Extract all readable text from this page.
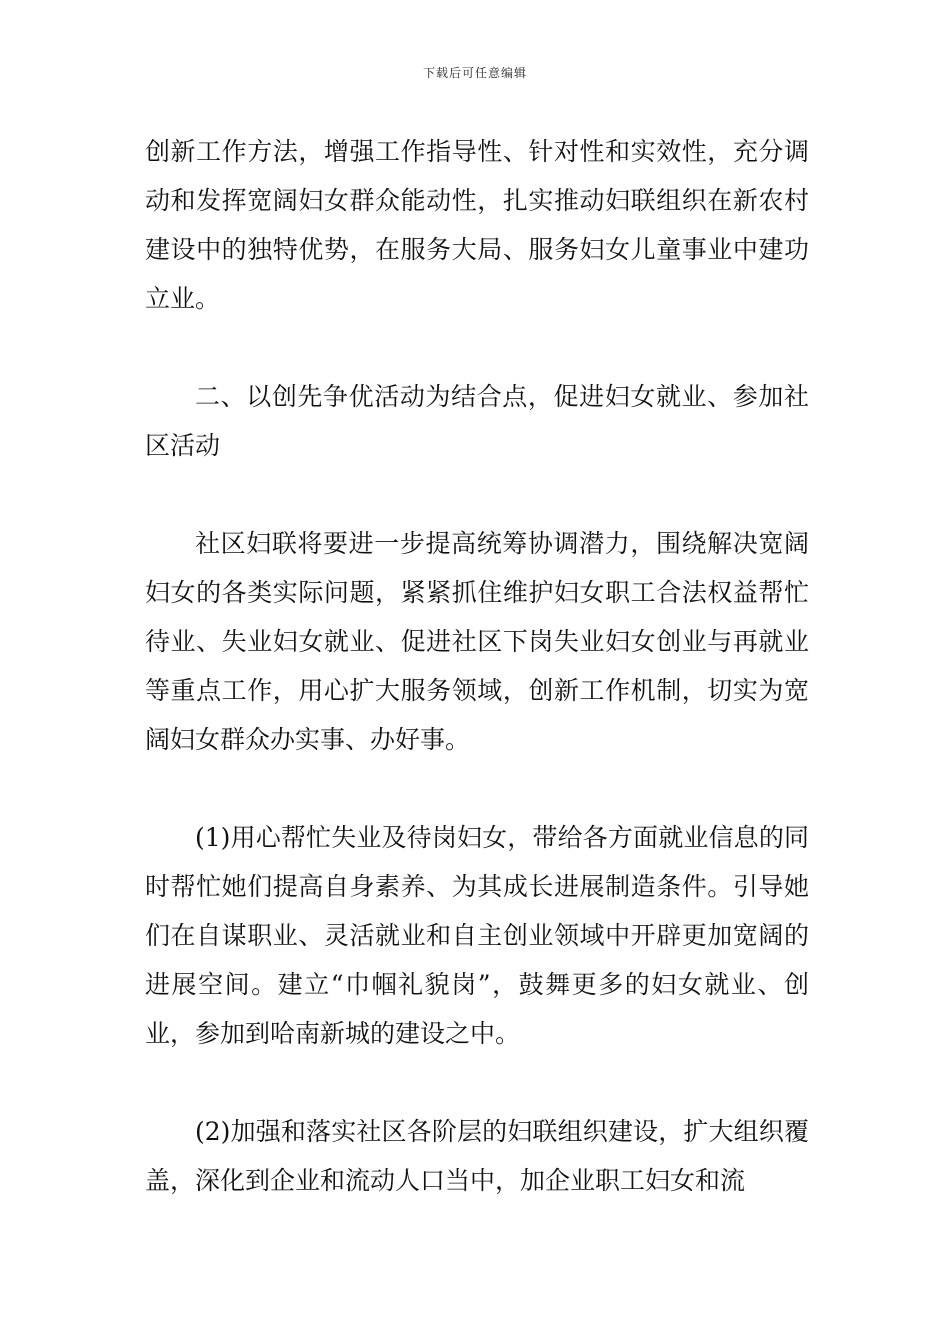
下载后可任意编辑

创新工作方法，增强工作指导性、针对性和实效性，充分调动和发挥宽阔妇女群众能动性，扎实推动妇联组织在新农村建设中的独特优势，在服务大局、服务妇女儿童事业中建功立业。

二、以创先争优活动为结合点，促进妇女就业、参加社区活动

社区妇联将要进一步提高统筹协调潜力，围绕解决宽阔妇女的各类实际问题，紧紧抓住维护妇女职工合法权益帮忙待业、失业妇女就业、促进社区下岗失业妇女创业与再就业等重点工作，用心扩大服务领域，创新工作机制，切实为宽阔妇女群众办实事、办好事。

(1)用心帮忙失业及待岗妇女，带给各方面就业信息的同时帮忙她们提高自身素养、为其成长进展制造条件。引导她们在自谋职业、灵活就业和自主创业领域中开辟更加宽阔的进展空间。建立“巾帼礼貌岗”，鼓舞更多的妇女就业、创业，参加到哈南新城的建设之中。

(2)加强和落实社区各阶层的妇联组织建设，扩大组织覆盖，深化到企业和流动人口当中，加企业职工妇女和流
